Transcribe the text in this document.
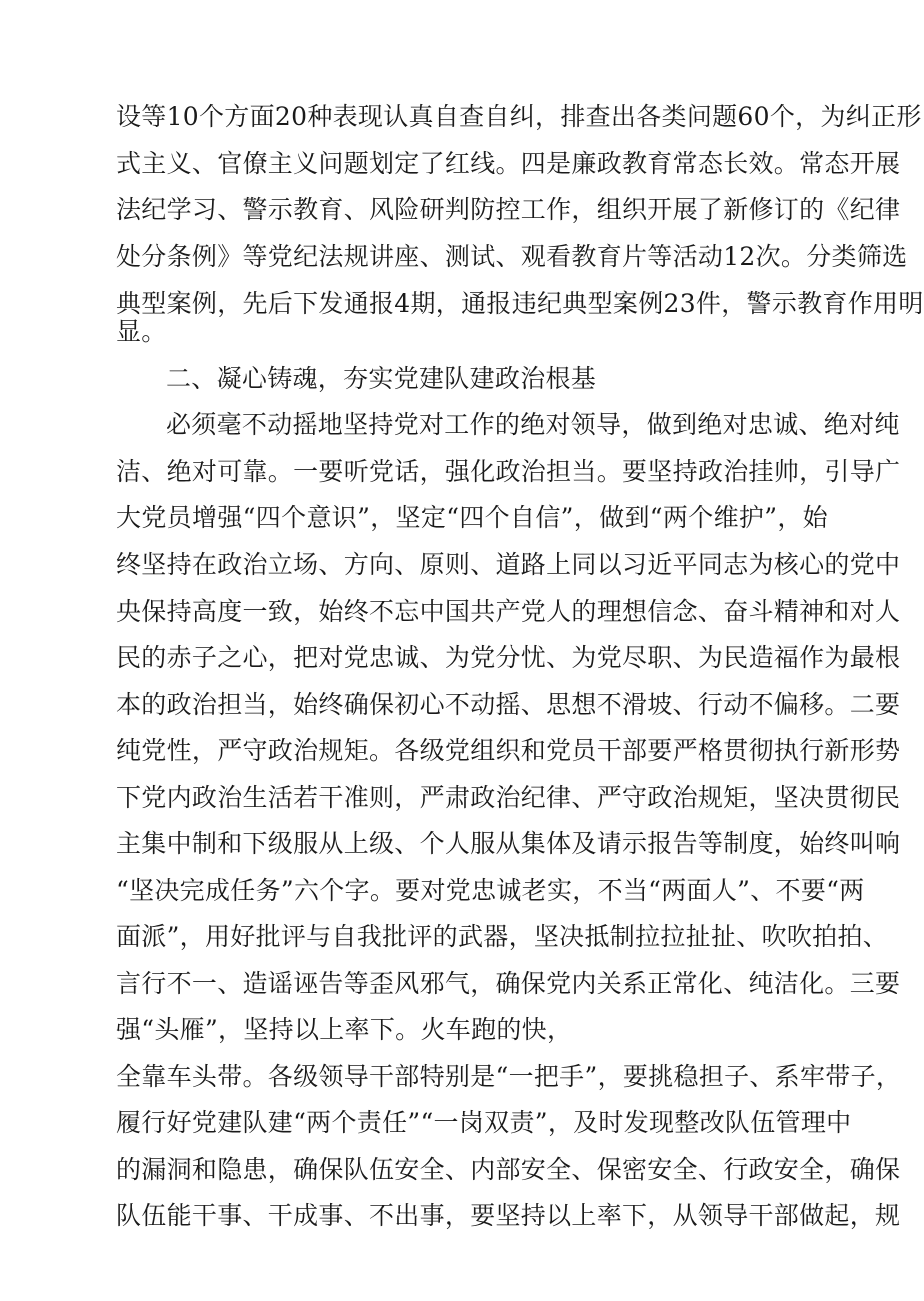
设等10个方面20种表现认真自查自纠，排查出各类问题60个，为纠正形
式主义、官僚主义问题划定了红线。四是廉政教育常态长效。常态开展
法纪学习、警示教育、风险研判防控工作，组织开展了新修订的《纪律
处分条例》等党纪法规讲座、测试、观看教育片等活动12次。分类筛选
典型案例，先后下发通报4期，通报违纪典型案例23件，警示教育作用明
显。
二、凝心铸魂，夯实党建队建政治根基
必须毫不动摇地坚持党对工作的绝对领导，做到绝对忠诚、绝对纯
洁、绝对可靠。一要听党话，强化政治担当。要坚持政治挂帅，引导广
大党员增强“四个意识”，坚定“四个自信”，做到“两个维护”，始
终坚持在政治立场、方向、原则、道路上同以习近平同志为核心的党中
央保持高度一致，始终不忘中国共产党人的理想信念、奋斗精神和对人
民的赤子之心，把对党忠诚、为党分忧、为党尽职、为民造福作为最根
本的政治担当，始终确保初心不动摇、思想不滑坡、行动不偏移。二要
纯党性，严守政治规矩。各级党组织和党员干部要严格贯彻执行新形势
下党内政治生活若干准则，严肃政治纪律、严守政治规矩，坚决贯彻民
主集中制和下级服从上级、个人服从集体及请示报告等制度，始终叫响
“坚决完成任务”六个字。要对党忠诚老实，不当“两面人”、不要“两
面派”，用好批评与自我批评的武器，坚决抵制拉拉扯扯、吹吹拍拍、
言行不一、造谣诬告等歪风邪气，确保党内关系正常化、纯洁化。三要
强“头雁”，坚持以上率下。火车跑的快，
全靠车头带。各级领导干部特别是“一把手”，要挑稳担子、系牢带子，
履行好党建队建“两个责任”“一岗双责”，及时发现整改队伍管理中
的漏洞和隐患，确保队伍安全、内部安全、保密安全、行政安全，确保
队伍能干事、干成事、不出事，要坚持以上率下，从领导干部做起，规
